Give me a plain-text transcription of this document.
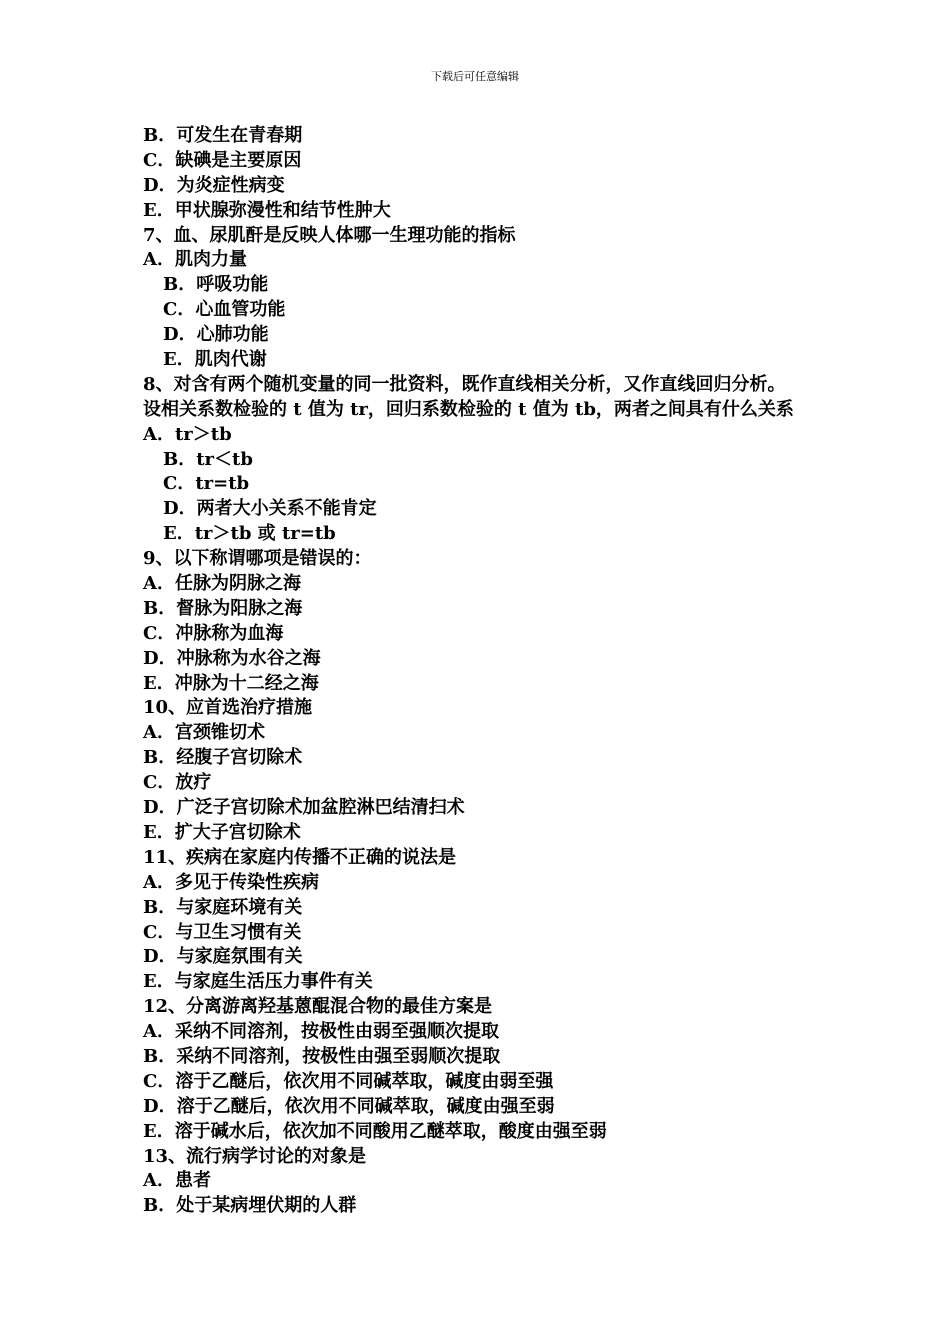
下载后可任意编辑
B．可发生在青春期
C．缺碘是主要原因
D．为炎症性病变
E．甲状腺弥漫性和结节性肿大
7、血、尿肌酐是反映人体哪一生理功能的指标
A．肌肉力量
B．呼吸功能
C．心血管功能
D．心肺功能
E．肌肉代谢
8、对含有两个随机变量的同一批资料，既作直线相关分析，又作直线回归分析。
设相关系数检验的 t 值为 tr，回归系数检验的 t 值为 tb，两者之间具有什么关系
A．tr＞tb
B．tr＜tb
C．tr=tb
D．两者大小关系不能肯定
E．tr＞tb 或 tr=tb
9、以下称谓哪项是错误的：
A．任脉为阴脉之海
B．督脉为阳脉之海
C．冲脉称为血海
D．冲脉称为水谷之海
E．冲脉为十二经之海
10、应首选治疗措施
A．宫颈锥切术
B．经腹子宫切除术
C．放疗
D．广泛子宫切除术加盆腔淋巴结清扫术
E．扩大子宫切除术
11、疾病在家庭内传播不正确的说法是
A．多见于传染性疾病
B．与家庭环境有关
C．与卫生习惯有关
D．与家庭氛围有关
E．与家庭生活压力事件有关
12、分离游离羟基蒽醌混合物的最佳方案是
A．采纳不同溶剂，按极性由弱至强顺次提取
B．采纳不同溶剂，按极性由强至弱顺次提取
C．溶于乙醚后，依次用不同碱萃取，碱度由弱至强
D．溶于乙醚后，依次用不同碱萃取，碱度由强至弱
E．溶于碱水后，依次加不同酸用乙醚萃取，酸度由强至弱
13、流行病学讨论的对象是
A．患者
B．处于某病埋伏期的人群
